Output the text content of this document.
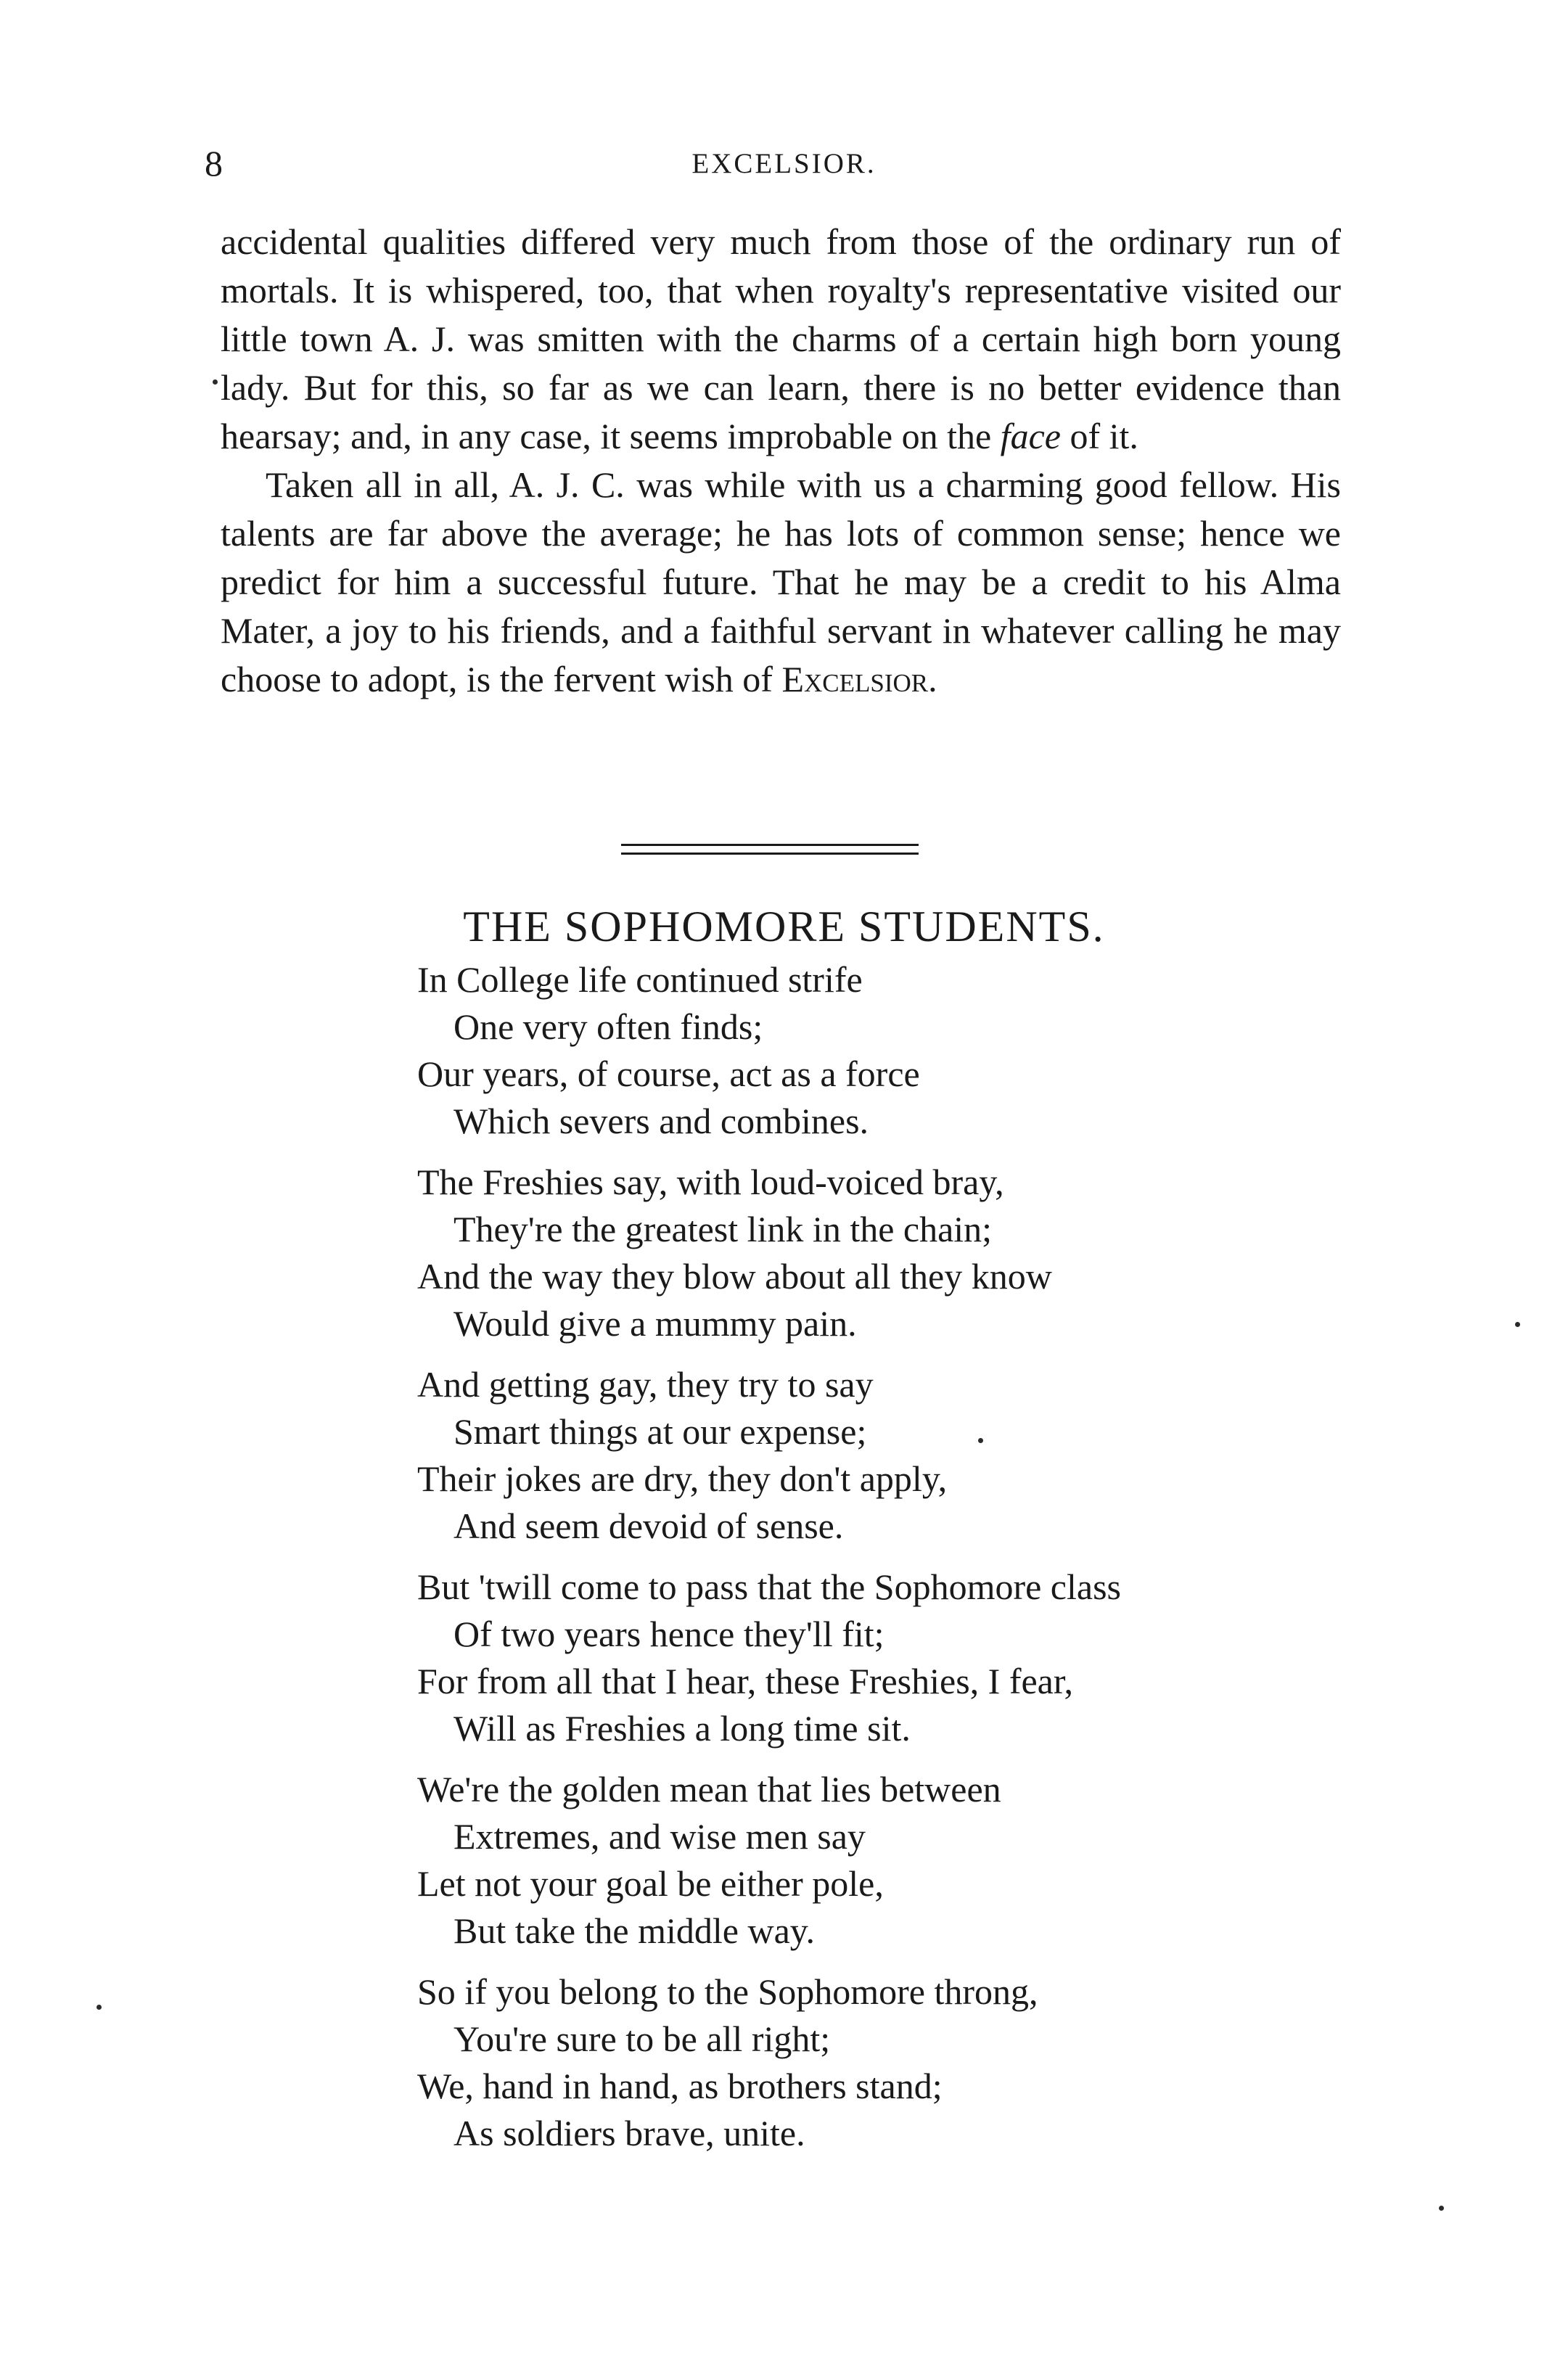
8	EXCELSIOR.

accidental qualities differed very much from those of the ordinary run of mortals. It is whispered, too, that when royalty's representative visited our little town A. J. was smitten with the charms of a certain high born young lady. But for this, so far as we can learn, there is no better evidence than hearsay; and, in any case, it seems improbable on the face of it.

Taken all in all, A. J. C. was while with us a charming good fellow. His talents are far above the average; he has lots of common sense; hence we predict for him a successful future. That he may be a credit to his Alma Mater, a joy to his friends, and a faithful servant in whatever calling he may choose to adopt, is the fervent wish of Excelsior.

THE SOPHOMORE STUDENTS.
In College life continued strife
One very often finds;
Our years, of course, act as a force
Which severs and combines.
The Freshies say, with loud-voiced bray,
They're the greatest link in the chain;
And the way they blow about all they know
Would give a mummy pain.
And getting gay, they try to say
Smart things at our expense;
Their jokes are dry, they don't apply,
And seem devoid of sense.
But 'twill come to pass that the Sophomore class
Of two years hence they'll fit;
For from all that I hear, these Freshies, I fear,
Will as Freshies a long time sit.
We're the golden mean that lies between
Extremes, and wise men say
Let not your goal be either pole,
But take the middle way.
So if you belong to the Sophomore throng,
You're sure to be all right;
We, hand in hand, as brothers stand;
As soldiers brave, unite.
